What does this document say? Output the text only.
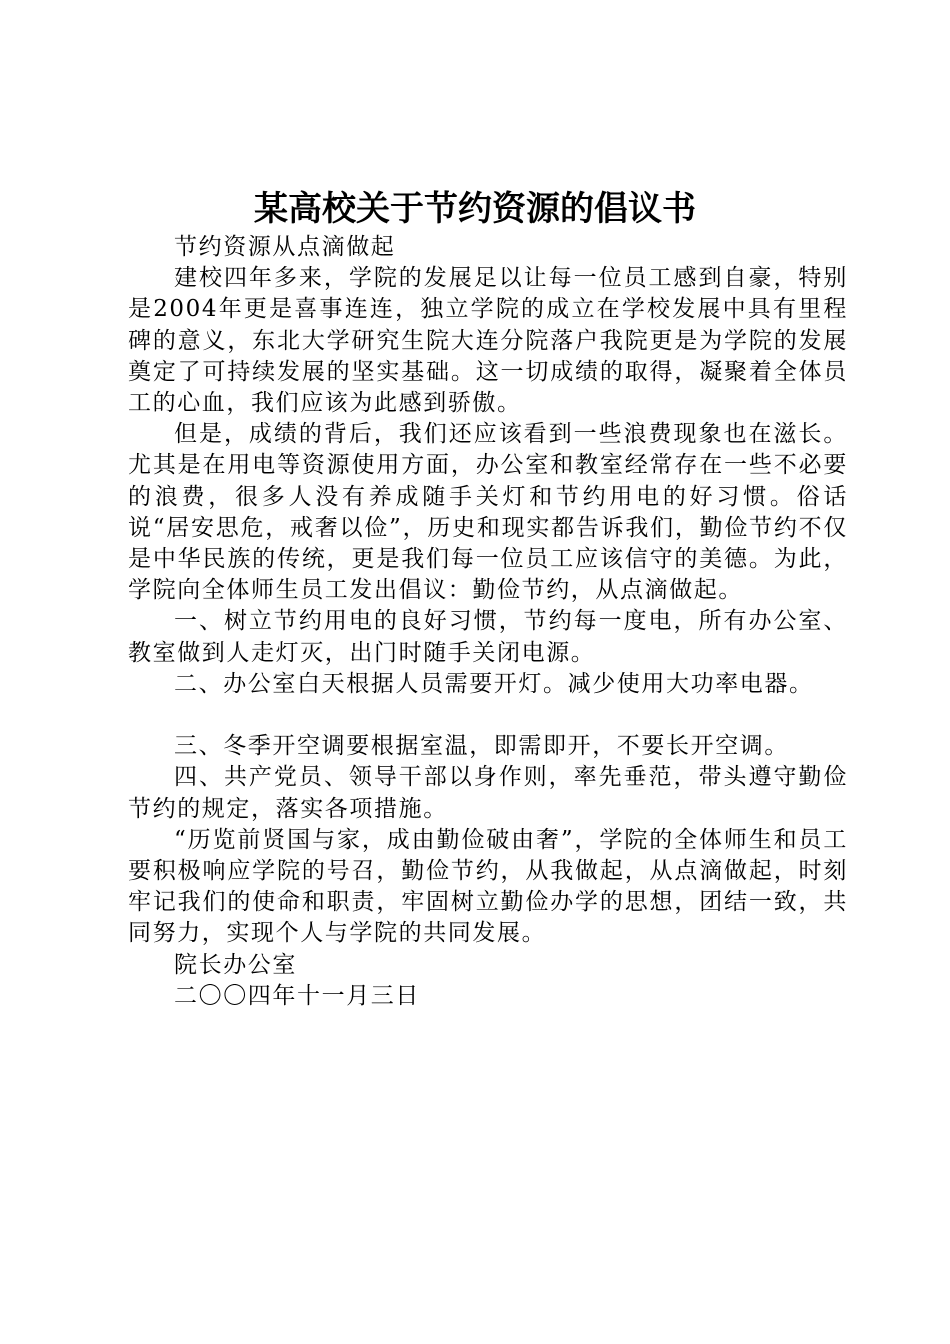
某高校关于节约资源的倡议书

节约资源从点滴做起

建校四年多来，学院的发展足以让每一位员工感到自豪，特别是2004年更是喜事连连，独立学院的成立在学校发展中具有里程碑的意义，东北大学研究生院大连分院落户我院更是为学院的发展奠定了可持续发展的坚实基础。这一切成绩的取得，凝聚着全体员工的心血，我们应该为此感到骄傲。

但是，成绩的背后，我们还应该看到一些浪费现象也在滋长。尤其是在用电等资源使用方面，办公室和教室经常存在一些不必要的浪费，很多人没有养成随手关灯和节约用电的好习惯。俗话说“居安思危，戒奢以俭”，历史和现实都告诉我们，勤俭节约不仅是中华民族的传统，更是我们每一位员工应该信守的美德。为此，学院向全体师生员工发出倡议：勤俭节约，从点滴做起。

一、树立节约用电的良好习惯，节约每一度电，所有办公室、教室做到人走灯灭，出门时随手关闭电源。

二、办公室白天根据人员需要开灯。减少使用大功率电器。

三、冬季开空调要根据室温，即需即开，不要长开空调。

四、共产党员、领导干部以身作则，率先垂范，带头遵守勤俭节约的规定，落实各项措施。

“历览前贤国与家，成由勤俭破由奢”，学院的全体师生和员工要积极响应学院的号召，勤俭节约，从我做起，从点滴做起，时刻牢记我们的使命和职责，牢固树立勤俭办学的思想，团结一致，共同努力，实现个人与学院的共同发展。

院长办公室

二〇〇四年十一月三日
